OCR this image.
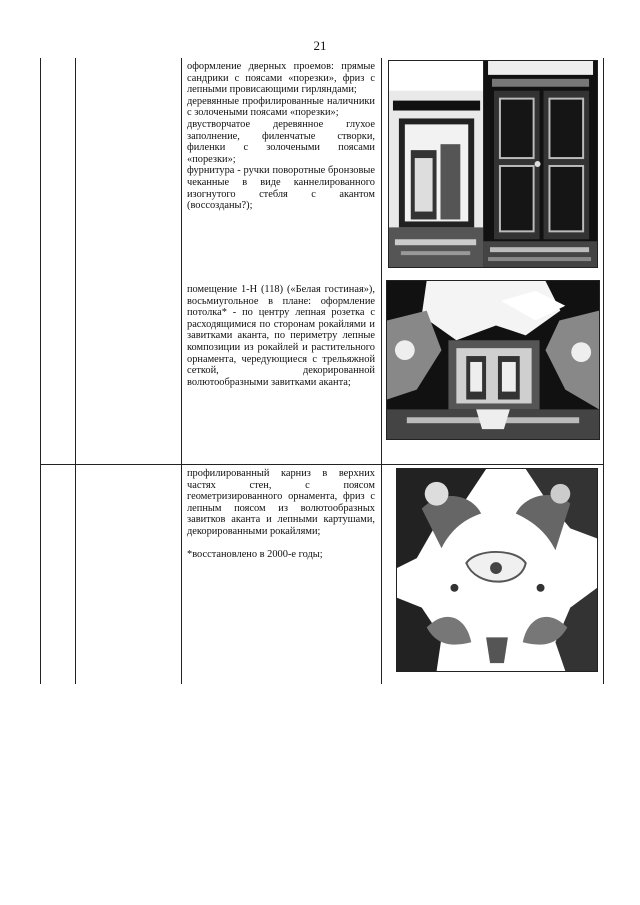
21

оформление дверных проемов: прямые сандрики с поясами «порезки», фриз с лепными провисающими гирляндами;

деревянные профилированные наличники с золочеными поясами «порезки»;

двустворчатое деревянное глухое заполнение, филенчатые створки, филенки с золочеными поясами «порезки»;

фурнитура - ручки поворотные бронзовые чеканные в виде каннелированного изогнутого стебля с акантом (воссозданы?);

помещение 1-Н (118) («Белая гостиная»), восьмиугольное в плане: оформление потолка* - по центру лепная розетка с расходящимися по сторонам рокайлями и завитками аканта, по периметру лепные композиции из рокайлей и растительного орнамента, чередующиеся с трельяжной сеткой, декорированной волютообразными завитками аканта;

профилированный карниз в верхних частях стен, с поясом геометризированного орнамента, фриз с лепным поясом из волютообразных завитков аканта и лепными картушами, декорированными рокайлями;

*восстановлено в 2000-е годы;
